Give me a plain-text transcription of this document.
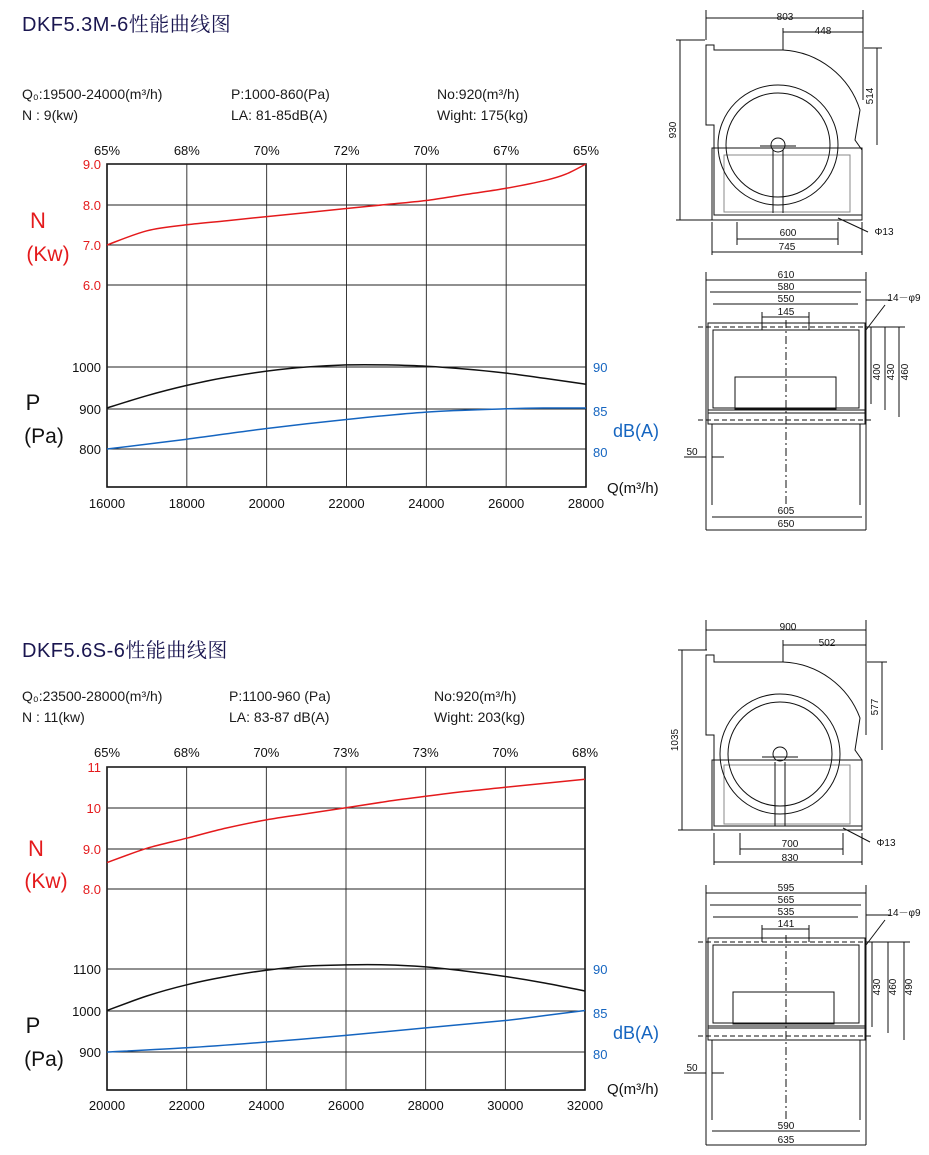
DKF5.3M-6性能曲线图
Q₀:19500-24000(m³/h)	P:1000-860(Pa)	No:920(m³/h)
N : 9(kw)	LA: 81-85dB(A)	Wight: 175(kg)
DKF5.6S-6性能曲线图
Q₀:23500-28000(m³/h)	P:1100-960 (Pa)	No:920(m³/h)
N : 11(kw)	LA: 83-87 dB(A)	Wight: 203(kg)
N
(Kw)
P
(Pa)	dB(A)
Q(m³/h)
N
(Kw)
P
(Pa)
dB(A)
Q(m³/h)
16000
65%
18000
68%
20000
70%
22000
72%
24000
70%
26000
67%
28000
65%
9.0
8.0
7.0
6.0
1000
900
800
90
85
80
20000
65%
22000
68%
24000
70%
26000
73%
28000
73%
30000
70%
32000
68%
11
10
9.0
8.0
1100
1000
900
90
85
80
803
448
930
514
600
745
Φ13
610
580
550
145
14－φ9
400 430 460
50
605
650
900
502
1035
577
700
830
Φ13
595
565
535
141
14－φ9
430 460 490
50
590
635
